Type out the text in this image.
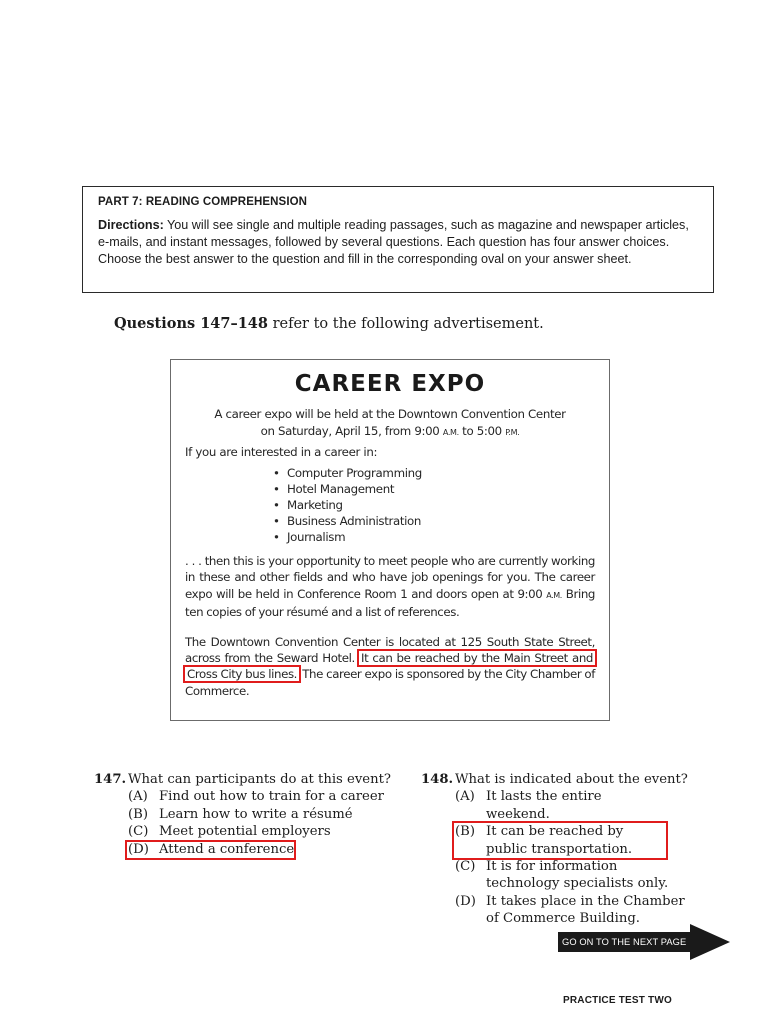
PART 7: READING COMPREHENSION
Directions: You will see single and multiple reading passages, such as magazine and newspaper articles, e-mails, and instant messages, followed by several questions. Each question has four answer choices. Choose the best answer to the question and fill in the corresponding oval on your answer sheet.
Questions 147–148 refer to the following advertisement.
CAREER EXPO
A career expo will be held at the Downtown Convention Center
on Saturday, April 15, from 9:00 A.M. to 5:00 P.M.
If you are interested in a career in:
• Computer Programming
• Hotel Management
• Marketing
• Business Administration
• Journalism
. . . then this is your opportunity to meet people who are currently working in these and other fields and who have job openings for you. The career expo will be held in Conference Room 1 and doors open at 9:00 A.M. Bring ten copies of your résumé and a list of references.
The Downtown Convention Center is located at 125 South State Street, across from the Seward Hotel. It can be reached by the Main Street and Cross City bus lines. The career expo is sponsored by the City Chamber of Commerce.
147. What can participants do at this event?
(A) Find out how to train for a career
(B) Learn how to write a résumé
(C) Meet potential employers
(D) Attend a conference
148. What is indicated about the event?
(A) It lasts the entire weekend.
(B) It can be reached by public transportation.
(C) It is for information technology specialists only.
(D) It takes place in the Chamber of Commerce Building.
GO ON TO THE NEXT PAGE
PRACTICE TEST TWO
